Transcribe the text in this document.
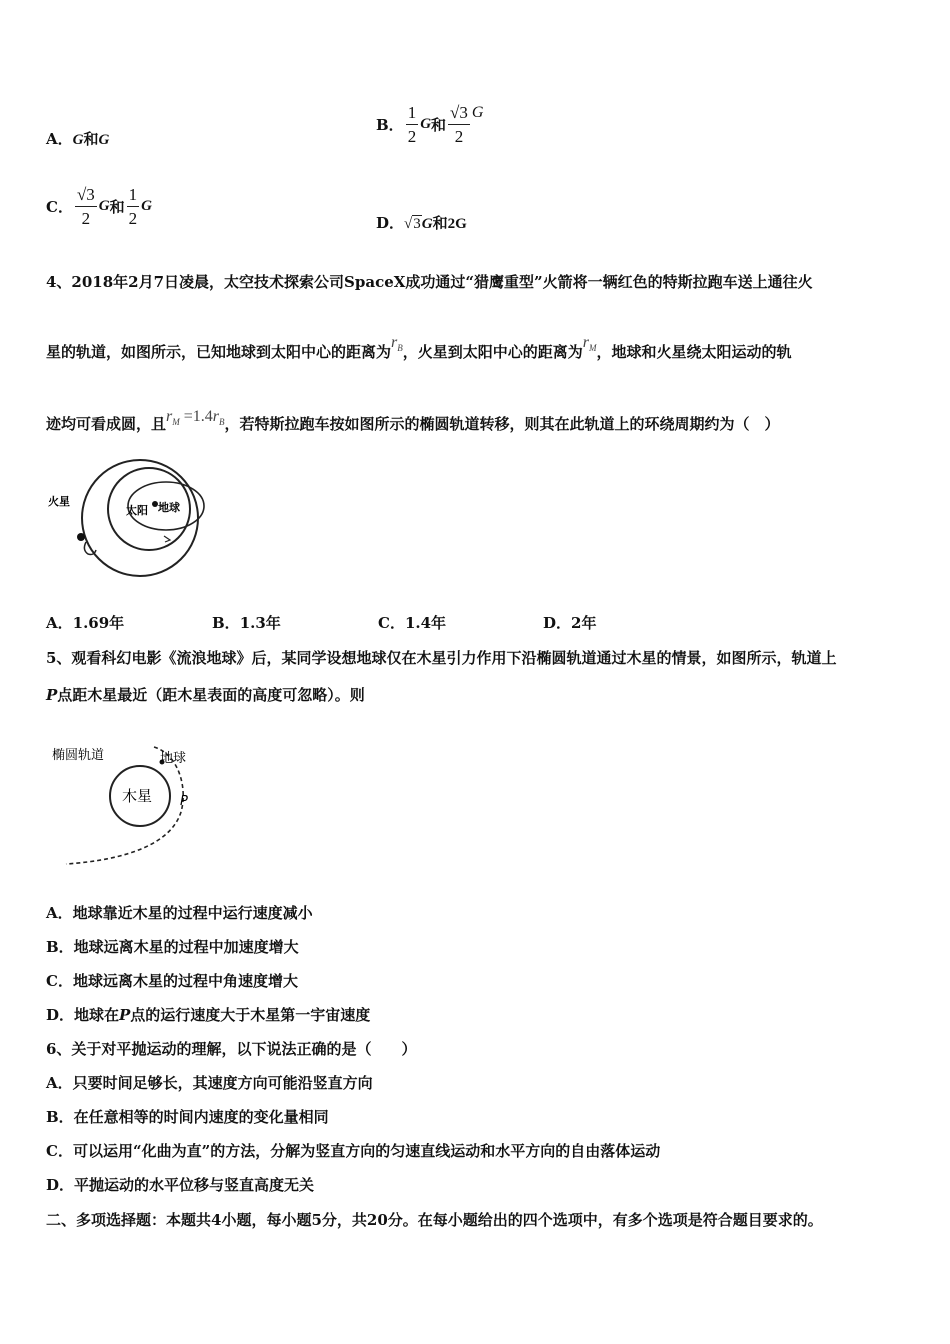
A．G和G
B． $\frac{1}{2}$ G和 $\frac{√3}{2}$ G
C． $\frac{√3}{2}$ G和 $\frac{1}{2}$ G
D．√3G和2G
4、2018年2月7日凌晨，太空技术探索公司SpaceX成功通过“猎鹰重型”火箭将一辆红色的特斯拉跑车送上通往火
星的轨道，如图所示，已知地球到太阳中心的距离为$r_B$，火星到太阳中心的距离为$r_M$，地球和火星绕太阳运动的轨
迹均可看成圆，且$r_M =1.4r_B$，若特斯拉跑车按如图所示的椭圆轨道转移，则其在此轨道上的环绕周期约为（　）
火星
太阳 地球
A．1.69年	B．1.3年	C．1.4年	D．2年
5、观看科幻电影《流浪地球》后，某同学设想地球仅在木星引力作用下沿椭圆轨道通过木星的情景，如图所示，轨道上
P点距木星最近（距木星表面的高度可忽略）。则
椭圆轨道	地球
木星 P
A．地球靠近木星的过程中运行速度减小
B．地球远离木星的过程中加速度增大
C．地球远离木星的过程中角速度增大
D．地球在P点的运行速度大于木星第一宇宙速度
6、关于对平抛运动的理解，以下说法正确的是（　　）
A．只要时间足够长，其速度方向可能沿竖直方向
B．在任意相等的时间内速度的变化量相同
C．可以运用“化曲为直”的方法，分解为竖直方向的匀速直线运动和水平方向的自由落体运动
D．平抛运动的水平位移与竖直高度无关
二、多项选择题：本题共4小题，每小题5分，共20分。在每小题给出的四个选项中，有多个选项是符合题目要求的。
